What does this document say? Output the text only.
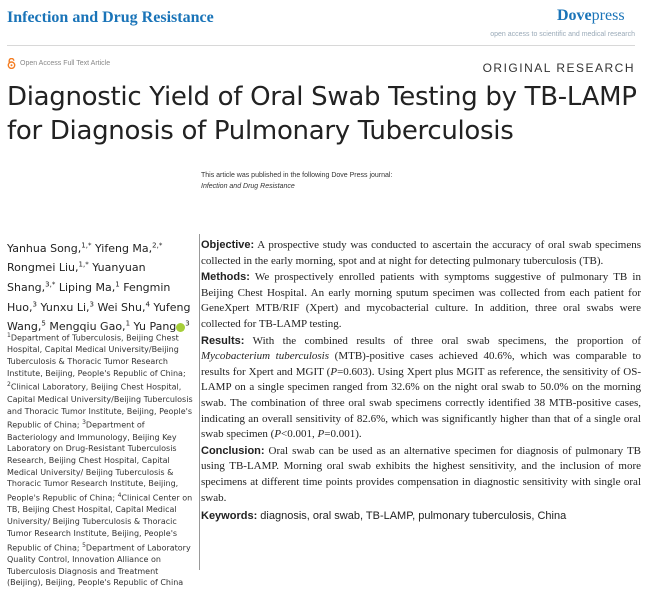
Infection and Drug Resistance	Dovepress
open access to scientific and medical research
Open Access Full Text Article	ORIGINAL RESEARCH
Diagnostic Yield of Oral Swab Testing by TB-LAMP for Diagnosis of Pulmonary Tuberculosis
This article was published in the following Dove Press journal:
Infection and Drug Resistance
Yanhua Song,$^{1,*}$ Yifeng Ma,$^{2,*}$ Rongmei Liu,$^{1,*}$ Yuanyuan Shang,$^{3,*}$ Liping Ma,$^1$ Fengmin Huo,$^3$ Yunxu Li,$^3$ Wei Shu,$^4$ Yufeng Wang,$^5$ Mengqiu Gao,$^1$ Yu Pang $^3$
$^1$Department of Tuberculosis, Beijing Chest Hospital, Capital Medical University/Beijing Tuberculosis & Thoracic Tumor Research Institute, Beijing, People's Republic of China; $^2$Clinical Laboratory, Beijing Chest Hospital, Capital Medical University/Beijing Tuberculosis and Thoracic Tumor Institute, Beijing, People's Republic of China; $^3$Department of Bacteriology and Immunology, Beijing Key Laboratory on Drug-Resistant Tuberculosis Research, Beijing Chest Hospital, Capital Medical University/ Beijing Tuberculosis & Thoracic Tumor Research Institute, Beijing, People's Republic of China; $^4$Clinical Center on TB, Beijing Chest Hospital, Capital Medical University/ Beijing Tuberculosis & Thoracic Tumor Research Institute, Beijing, People's Republic of China; $^5$Department of Laboratory Quality Control, Innovation Alliance on Tuberculosis Diagnosis and Treatment (Beijing), Beijing, People's Republic of China

Objective: A prospective study was conducted to ascertain the accuracy of oral swab specimens collected in the early morning, spot and at night for detecting pulmonary tuberculosis (TB).

Methods: We prospectively enrolled patients with symptoms suggestive of pulmonary TB in Beijing Chest Hospital. An early morning sputum specimen was collected from each patient for GeneXpert MTB/RIF (Xpert) and mycobacterial culture. In addition, three oral swabs were collected for TB-LAMP testing.

Results: With the combined results of three oral swab specimens, the proportion of Mycobacterium tuberculosis (MTB)-positive cases achieved 40.6%, which was comparable to results for Xpert and MGIT (P=0.603). Using Xpert plus MGIT as reference, the sensitivity of OS-LAMP on a single specimen ranged from 32.6% on the night oral swab to 50.0% on the morning swab. The combination of three oral swab specimens correctly identified 38 MTB-positive cases, indicating an overall sensitivity of 82.6%, which was significantly higher than that of a single oral swab specimen (P<0.001, P=0.001).

Conclusion: Oral swab can be used as an alternative specimen for diagnosis of pulmonary TB using TB-LAMP. Morning oral swab exhibits the highest sensitivity, and the inclusion of more specimens at different time points provides compensation in diagnostic sensitivity with single oral swab.

Keywords: diagnosis, oral swab, TB-LAMP, pulmonary tuberculosis, China
